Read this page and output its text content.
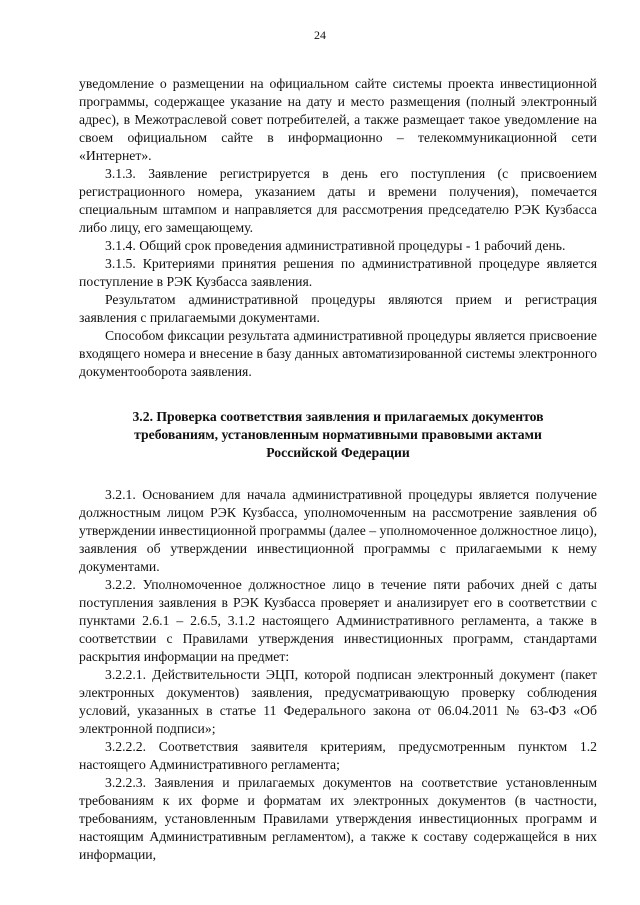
24

уведомление о размещении на официальном сайте системы проекта инвестиционной программы, содержащее указание на дату и место размещения (полный электронный адрес), в Межотраслевой совет потребителей, а также размещает такое уведомление на своем официальном сайте в информационно – телекоммуникационной сети «Интернет».

3.1.3. Заявление регистрируется в день его поступления (с присвоением регистрационного номера, указанием даты и времени получения), помечается специальным штампом и направляется для рассмотрения председателю РЭК Кузбасса либо лицу, его замещающему.

3.1.4. Общий срок проведения административной процедуры - 1 рабочий день.

3.1.5. Критериями принятия решения по административной процедуре является поступление в РЭК Кузбасса заявления.

Результатом административной процедуры являются прием и регистрация заявления с прилагаемыми документами.

Способом фиксации результата административной процедуры является присвоение входящего номера и внесение в базу данных автоматизированной системы электронного документооборота заявления.

3.2. Проверка соответствия заявления и прилагаемых документов
требованиям, установленным нормативными правовыми актами
Российской Федерации

3.2.1. Основанием для начала административной процедуры является получение должностным лицом РЭК Кузбасса, уполномоченным на рассмотрение заявления об утверждении инвестиционной программы (далее – уполномоченное должностное лицо), заявления об утверждении инвестиционной программы с прилагаемыми к нему документами.

3.2.2. Уполномоченное должностное лицо в течение пяти рабочих дней с даты поступления заявления в РЭК Кузбасса проверяет и анализирует его в соответствии с пунктами 2.6.1 – 2.6.5, 3.1.2 настоящего Административного регламента, а также в соответствии с Правилами утверждения инвестиционных программ, стандартами раскрытия информации на предмет:

3.2.2.1. Действительности ЭЦП, которой подписан электронный документ (пакет электронных документов) заявления, предусматривающую проверку соблюдения условий, указанных в статье 11 Федерального закона от 06.04.2011 № 63-ФЗ «Об электронной подписи»;

3.2.2.2. Соответствия заявителя критериям, предусмотренным пунктом 1.2 настоящего Административного регламента;

3.2.2.3. Заявления и прилагаемых документов на соответствие установленным требованиям к их форме и форматам их электронных документов (в частности, требованиям, установленным Правилами утверждения инвестиционных программ и настоящим Административным регламентом), а также к составу содержащейся в них информации,
